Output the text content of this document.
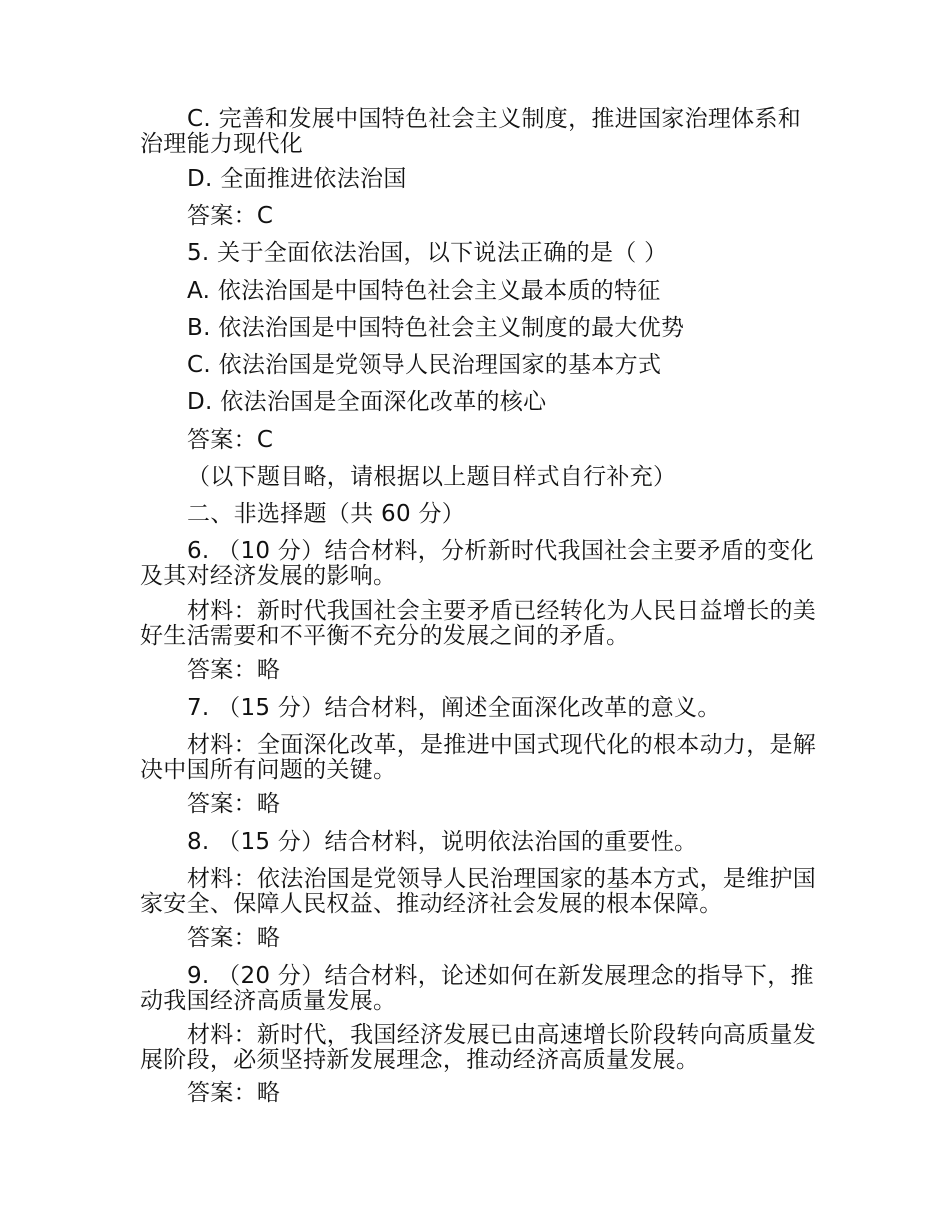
C. 完善和发展中国特色社会主义制度，推进国家治理体系和治理能力现代化

D. 全面推进依法治国

答案：C

5. 关于全面依法治国，以下说法正确的是（ ）

A. 依法治国是中国特色社会主义最本质的特征

B. 依法治国是中国特色社会主义制度的最大优势

C. 依法治国是党领导人民治理国家的基本方式

D. 依法治国是全面深化改革的核心

答案：C

（以下题目略，请根据以上题目样式自行补充）

二、非选择题（共 60 分）

6. （10 分）结合材料，分析新时代我国社会主要矛盾的变化及其对经济发展的影响。

材料：新时代我国社会主要矛盾已经转化为人民日益增长的美好生活需要和不平衡不充分的发展之间的矛盾。

答案：略

7. （15 分）结合材料，阐述全面深化改革的意义。

材料：全面深化改革，是推进中国式现代化的根本动力，是解决中国所有问题的关键。

答案：略

8. （15 分）结合材料，说明依法治国的重要性。

材料：依法治国是党领导人民治理国家的基本方式，是维护国家安全、保障人民权益、推动经济社会发展的根本保障。

答案：略

9. （20 分）结合材料，论述如何在新发展理念的指导下，推动我国经济高质量发展。

材料：新时代，我国经济发展已由高速增长阶段转向高质量发展阶段，必须坚持新发展理念，推动经济高质量发展。

答案：略
